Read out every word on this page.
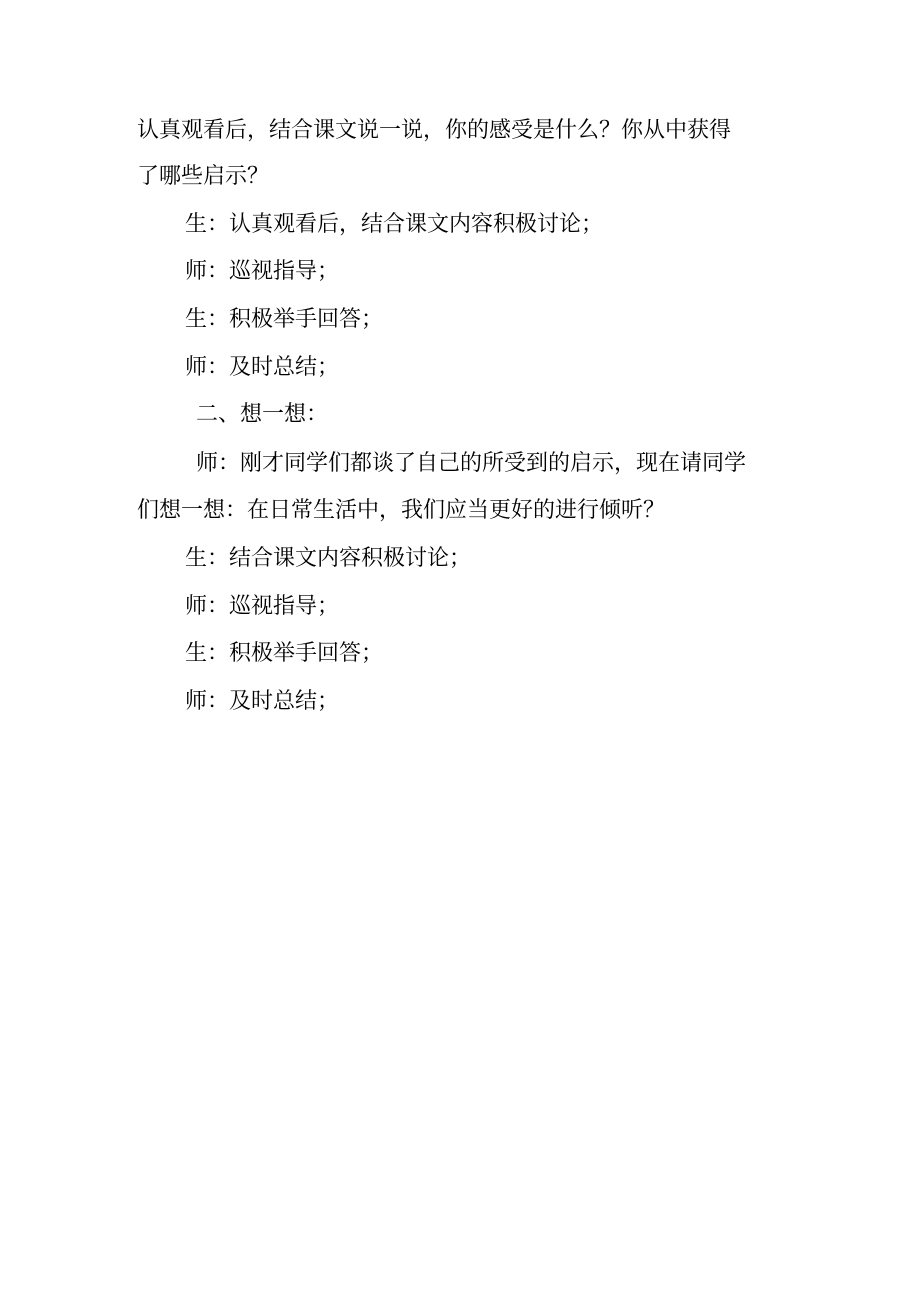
认真观看后，结合课文说一说，你的感受是什么？你从中获得
了哪些启示？
生：认真观看后，结合课文内容积极讨论；
师：巡视指导；
生：积极举手回答；
师：及时总结；
二、想一想：
师：刚才同学们都谈了自己的所受到的启示，现在请同学
们想一想：在日常生活中，我们应当更好的进行倾听？
生：结合课文内容积极讨论；
师：巡视指导；
生：积极举手回答；
师：及时总结；
